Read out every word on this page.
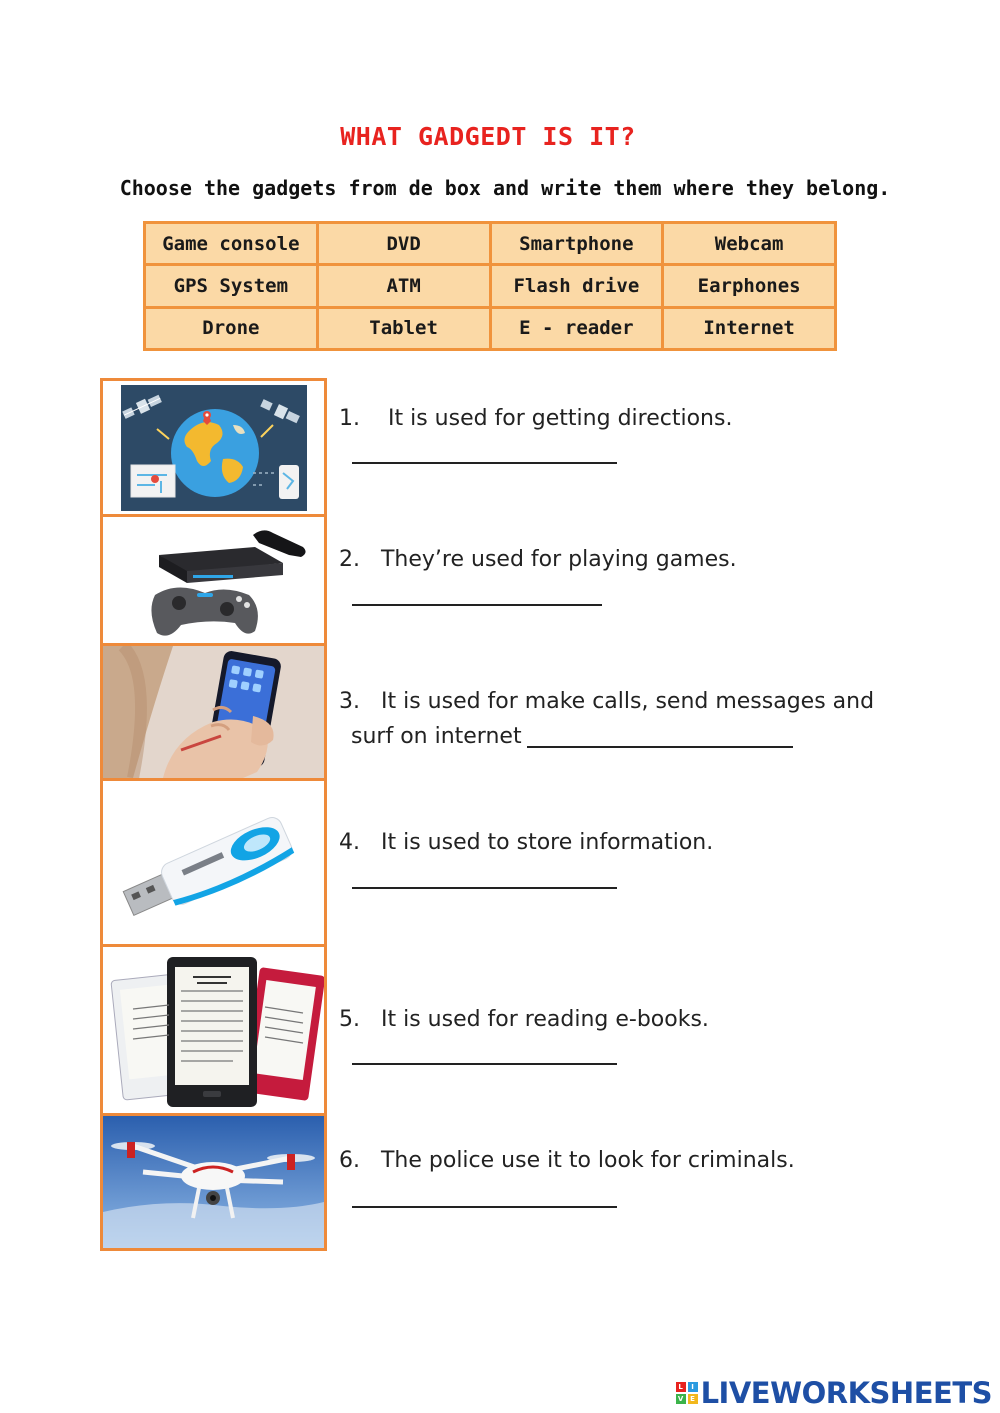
WHAT GADGEDT IS IT?
Choose the gadgets from de box and write them where they belong.
Game console	DVD	Smartphone	Webcam
GPS System	ATM	Flash drive	Earphones
Drone	Tablet	E - reader	Internet
1. It is used for getting directions.
2. They’re used for playing games.
3. It is used for make calls, send messages and
surf on internet
4. It is used to store information.
5. It is used for reading e-books.
6. The police use it to look for criminals.
L	I
V E LIVEWORKSHEETS
